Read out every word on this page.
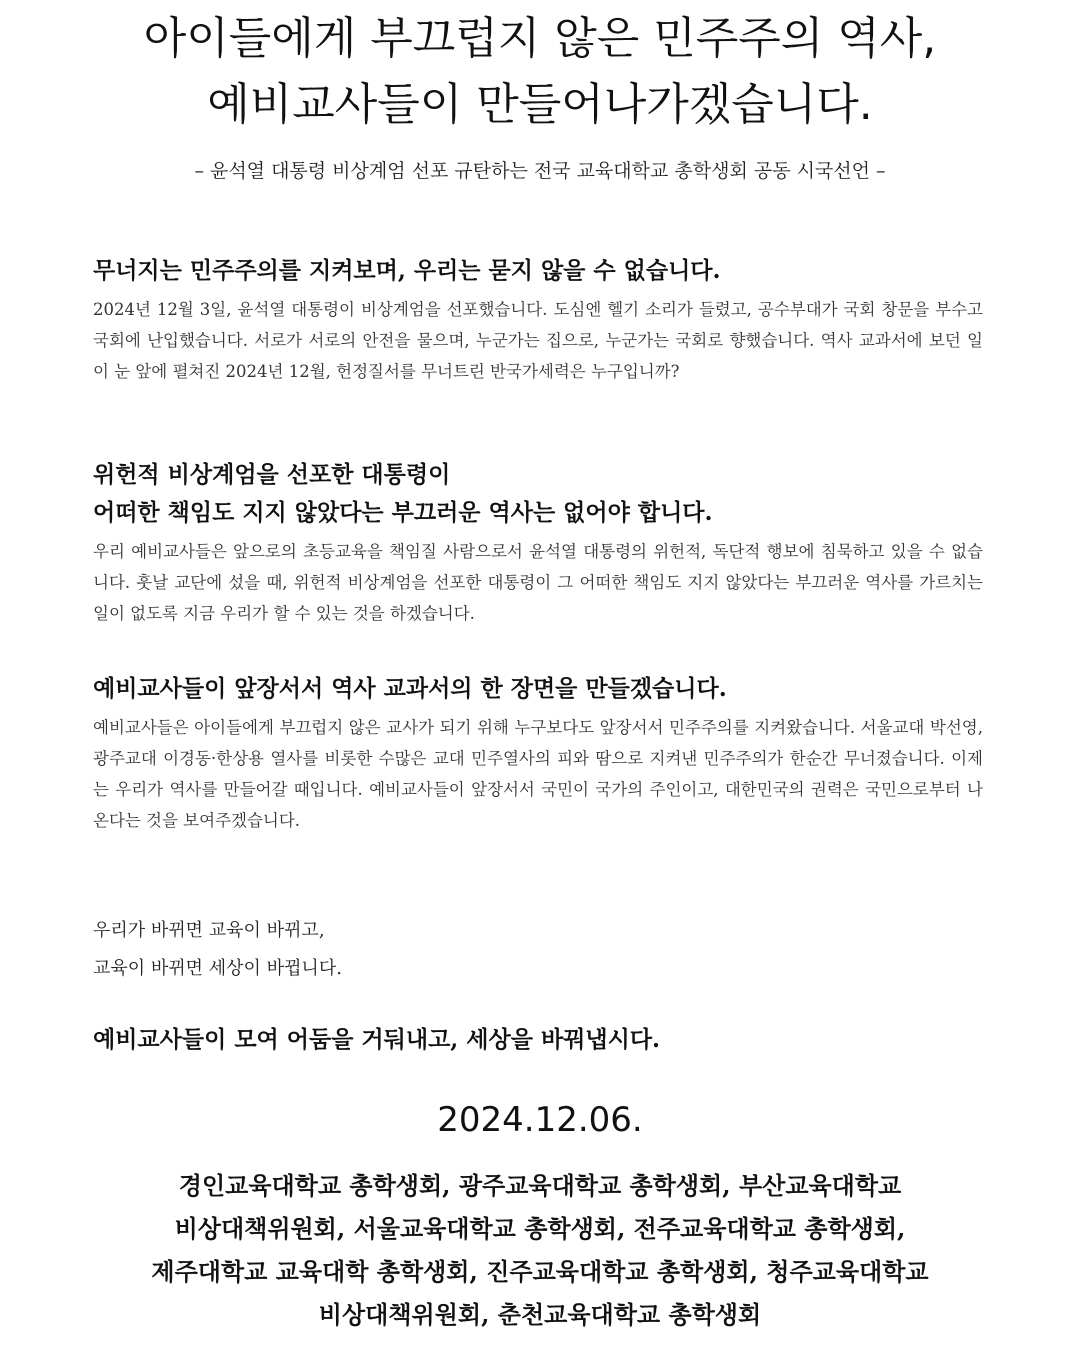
아이들에게 부끄럽지 않은 민주주의 역사,
예비교사들이 만들어나가겠습니다.
– 윤석열 대통령 비상계엄 선포 규탄하는 전국 교육대학교 총학생회 공동 시국선언 –
무너지는 민주주의를 지켜보며, 우리는 묻지 않을 수 없습니다.

2024년 12월 3일, 윤석열 대통령이 비상계엄을 선포했습니다. 도심엔 헬기 소리가 들렸고, 공수부대가 국회 창문을 부수고 국회에 난입했습니다. 서로가 서로의 안전을 물으며, 누군가는 집으로, 누군가는 국회로 향했습니다. 역사 교과서에 보던 일이 눈 앞에 펼쳐진 2024년 12월, 헌정질서를 무너트린 반국가세력은 누구입니까?

위헌적 비상계엄을 선포한 대통령이
어떠한 책임도 지지 않았다는 부끄러운 역사는 없어야 합니다.

우리 예비교사들은 앞으로의 초등교육을 책임질 사람으로서 윤석열 대통령의 위헌적, 독단적 행보에 침묵하고 있을 수 없습니다. 훗날 교단에 섰을 때, 위헌적 비상계엄을 선포한 대통령이 그 어떠한 책임도 지지 않았다는 부끄러운 역사를 가르치는 일이 없도록 지금 우리가 할 수 있는 것을 하겠습니다.

예비교사들이 앞장서서 역사 교과서의 한 장면을 만들겠습니다.

예비교사들은 아이들에게 부끄럽지 않은 교사가 되기 위해 누구보다도 앞장서서 민주주의를 지켜왔습니다. 서울교대 박선영, 광주교대 이경동·한상용 열사를 비롯한 수많은 교대 민주열사의 피와 땀으로 지켜낸 민주주의가 한순간 무너졌습니다. 이제는 우리가 역사를 만들어갈 때입니다. 예비교사들이 앞장서서 국민이 국가의 주인이고, 대한민국의 권력은 국민으로부터 나온다는 것을 보여주겠습니다.

우리가 바뀌면 교육이 바뀌고,
교육이 바뀌면 세상이 바뀝니다.
예비교사들이 모여 어둠을 거둬내고, 세상을 바꿔냅시다.
2024.12.06.
경인교육대학교 총학생회, 광주교육대학교 총학생회, 부산교육대학교
비상대책위원회, 서울교육대학교 총학생회, 전주교육대학교 총학생회,
제주대학교 교육대학 총학생회, 진주교육대학교 총학생회, 청주교육대학교
비상대책위원회, 춘천교육대학교 총학생회
